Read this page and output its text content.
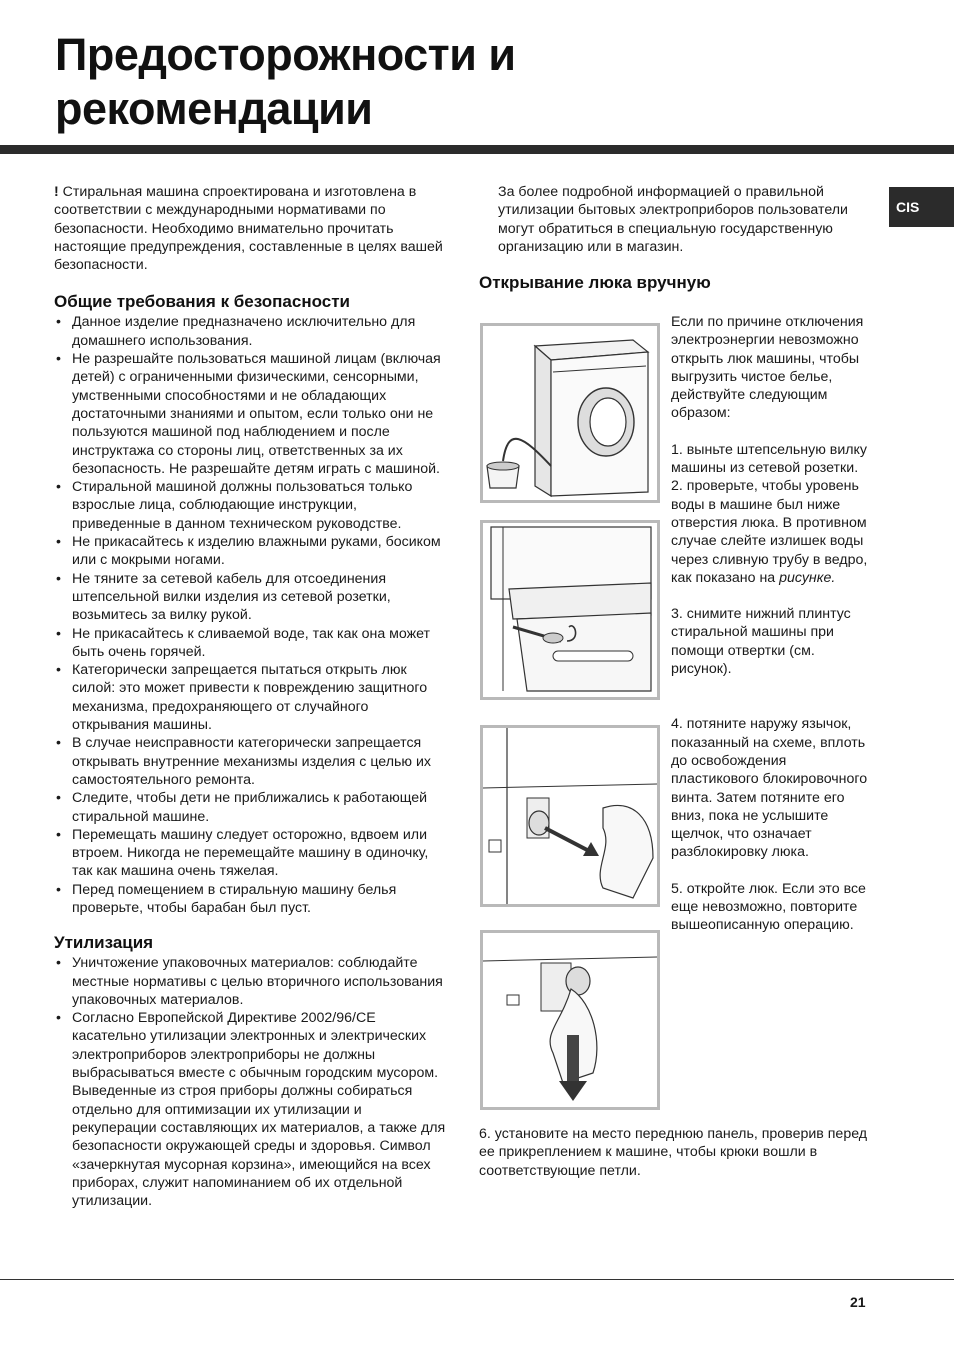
Предосторожности и
рекомендации
CIS

! Стиральная машина спроектирована и изготовлена в соответствии с международными нормативами по безопасности. Необходимо внимательно прочитать настоящие предупреждения, составленные в целях вашей безопасности.

Общие требования к безопасности
• Данное изделие предназначено исключительно для домашнего использования.
• Не разрешайте пользоваться машиной лицам (включая детей) с ограниченными физическими, сенсорными, умственными способностями и не обладающих достаточными знаниями и опытом, если только они не пользуются машиной под наблюдением и после инструктажа со стороны лиц, ответственных за их безопасность. Не разрешайте детям играть с машиной.
• Стиральной машиной должны пользоваться только взрослые лица, соблюдающие инструкции, приведенные в данном техническом руководстве.
• Не прикасайтесь к изделию влажными руками, босиком или с мокрыми ногами.
• Не тяните за сетевой кабель для отсоединения штепсельной вилки изделия из сетевой розетки, возьмитесь за вилку рукой.
• Не прикасайтесь к сливаемой воде, так как она может быть очень горячей.
• Категорически запрещается пытаться открыть люк силой: это может привести к повреждению защитного механизма, предохраняющего от случайного открывания машины.
• В случае неисправности категорически запрещается открывать внутренние механизмы изделия с целью их самостоятельного ремонта.
• Следите, чтобы дети не приближались к работающей стиральной машине.
• Перемещать машину следует осторожно, вдвоем или втроем. Никогда не перемещайте машину в одиночку, так как машина очень тяжелая.
• Перед помещением в стиральную машину белья проверьте, чтобы барабан был пуст.
Утилизация
• Уничтожение упаковочных материалов: соблюдайте местные нормативы с целью вторичного использования упаковочных материалов.
• Согласно Европейской Директиве 2002/96/CE касательно утилизации электронных и электрических электроприборов электроприборы не должны выбрасываться вместе с обычным городским мусором. Выведенные из строя приборы должны собираться отдельно для оптимизации их утилизации и рекуперации составляющих их материалов, а также для безопасности окружающей среды и здоровья. Символ «зачеркнутая мусорная корзина», имеющийся на всех приборах, служит напоминанием об их отдельной утилизации.

За более подробной информацией о правильной утилизации бытовых электроприборов пользователи могут обратиться в специальную государственную организацию или в магазин.

Открывание люка вручную

Если по причине отключения электроэнергии невозможно открыть люк машины, чтобы выгрузить чистое белье, действуйте следующим образом:

1. выньте штепсельную вилку машины из сетевой розетки.

2. проверьте, чтобы уровень воды в машине был ниже отверстия люка. В противном случае слейте излишек воды через сливную трубу в ведро, как показано на рисунке.

3. снимите нижний плинтус стиральной машины при помощи отвертки (см. рисунок).

4. потяните наружу язычок, показанный на схеме, вплоть до освобождения пластикового блокировочного винта. Затем потяните его вниз, пока не услышите щелчок, что означает разблокировку люка.

5. откройте люк. Если это все еще невозможно, повторите вышеописанную операцию.

6. установите на место переднюю панель, проверив перед ее прикреплением к машине, чтобы крюки вошли в соответствующие петли.

21
